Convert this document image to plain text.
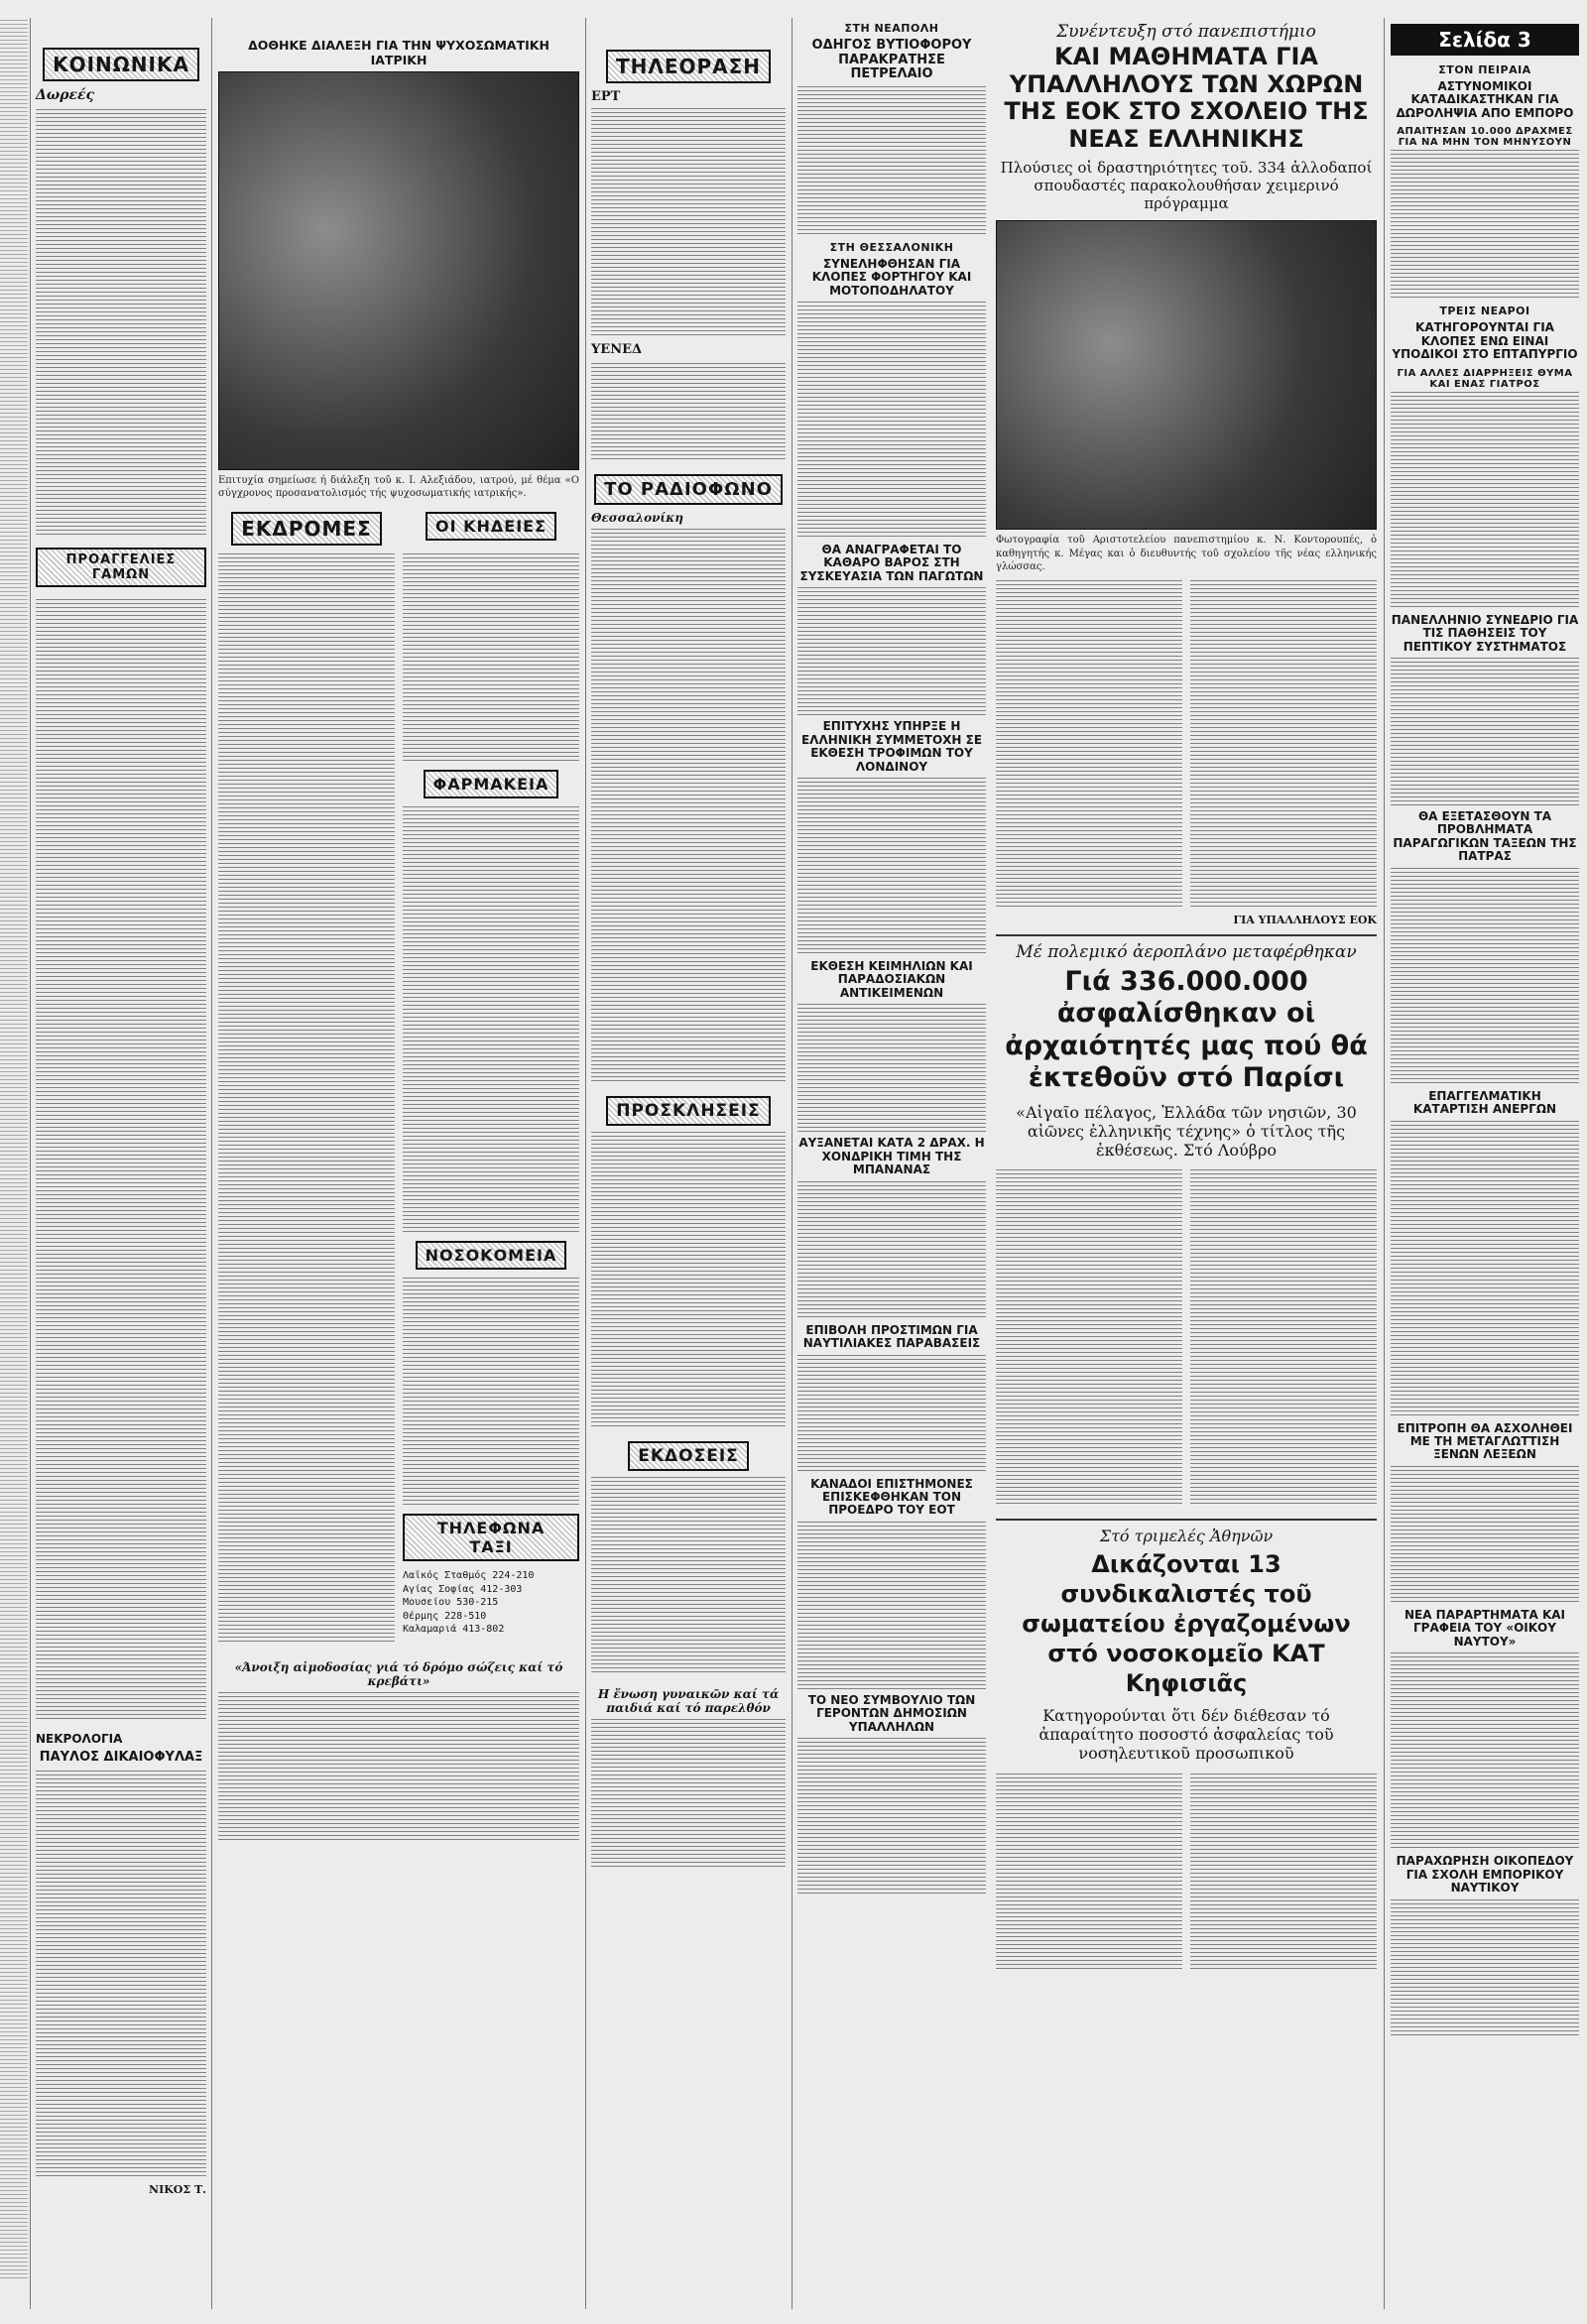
ΚΟΙΝΩΝΙΚΑ
Δωρεές
ΠΡΟΑΓΓΕΛΙΕΣ ΓΑΜΩΝ
ΝΕΚΡΟΛΟΓΙΑ
ΠΑΥΛΟΣ ΔΙΚΑΙΟΦΥΛΑΞ
ΝΙΚΟΣ Τ.
ΔΟΘΗΚΕ ΔΙΑΛΕΞΗ ΓΙΑ ΤΗΝ ΨΥΧΟΣΩΜΑΤΙΚΗ ΙΑΤΡΙΚΗ

Επιτυχία σημείωσε ή διάλεξη τοῦ κ. Ι. Αλεξιάδου, ιατρού, μέ θέμα «Ο σύγχρονος προσανατολισμός τής ψυχοσωματικής ιατρικής».

ΕΚΔΡΟΜΕΣ	ΟΙ ΚΗΔΕΙΕΣ
ΦΑΡΜΑΚΕΙΑ
ΝΟΣΟΚΟΜΕΙΑ
ΤΗΛΕΦΩΝΑ ΤΑΞΙ
Λαϊκός Σταθμός 224-210
Αγίας Σοφίας 412-303
Μουσείου 530-215
Θέρμης 228-510
Καλαμαριά 413-802
«Άνοιξη αἰμοδοσίας γιά τό δρόμο σώζεις καί τό κρεβάτι»
ΤΗΛΕΟΡΑΣΗ
ΕΡΤ
ΥΕΝΕΔ
ΤΟ ΡΑΔΙΟΦΩΝΟ
Θεσσαλονίκη
ΠΡΟΣΚΛΗΣΕΙΣ
ΕΚΔΟΣΕΙΣ
Η ἔνωση γυναικῶν καί τά παιδιά καί τό παρελθόν
ΣΤΗ ΝΕΑΠΟΛΗ
ΟΔΗΓΟΣ ΒΥΤΙΟΦΟΡΟΥ ΠΑΡΑΚΡΑΤΗΣΕ ΠΕΤΡΕΛΑΙΟ
ΣΤΗ ΘΕΣΣΑΛΟΝΙΚΗ
ΣΥΝΕΛΗΦΘΗΣΑΝ ΓΙΑ ΚΛΟΠΕΣ ΦΟΡΤΗΓΟΥ ΚΑΙ ΜΟΤΟΠΟΔΗΛΑΤΟΥ
ΘΑ ΑΝΑΓΡΑΦΕΤΑΙ ΤΟ ΚΑΘΑΡΟ ΒΑΡΟΣ ΣΤΗ ΣΥΣΚΕΥΑΣΙΑ ΤΩΝ ΠΑΓΩΤΩΝ
ΕΠΙΤΥΧΗΣ ΥΠΗΡΞΕ Η ΕΛΛΗΝΙΚΗ ΣΥΜΜΕΤΟΧΗ ΣΕ ΕΚΘΕΣΗ ΤΡΟΦΙΜΩΝ ΤΟΥ ΛΟΝΔΙΝΟΥ
ΕΚΘΕΣΗ ΚΕΙΜΗΛΙΩΝ ΚΑΙ ΠΑΡΑΔΟΣΙΑΚΩΝ ΑΝΤΙΚΕΙΜΕΝΩΝ
ΑΥΞΑΝΕΤΑΙ ΚΑΤΑ 2 ΔΡΑΧ. Η ΧΟΝΔΡΙΚΗ ΤΙΜΗ ΤΗΣ ΜΠΑΝΑΝΑΣ
ΕΠΙΒΟΛΗ ΠΡΟΣΤΙΜΩΝ ΓΙΑ ΝΑΥΤΙΛΙΑΚΕΣ ΠΑΡΑΒΑΣΕΙΣ
ΚΑΝΑΔΟΙ ΕΠΙΣΤΗΜΟΝΕΣ ΕΠΙΣΚΕΦΘΗΚΑΝ ΤΟΝ ΠΡΟΕΔΡΟ ΤΟΥ ΕΟΤ
ΤΟ ΝΕΟ ΣΥΜΒΟΥΛΙΟ ΤΩΝ ΓΕΡΟΝΤΩΝ ΔΗΜΟΣΙΩΝ ΥΠΑΛΛΗΛΩΝ
Συνέντευξη στό πανεπιστήμιο
ΚΑΙ ΜΑΘΗΜΑΤΑ ΓΙΑ ΥΠΑΛΛΗΛΟΥΣ ΤΩΝ ΧΩΡΩΝ ΤΗΣ ΕΟΚ ΣΤΟ ΣΧΟΛΕΙΟ ΤΗΣ ΝΕΑΣ ΕΛΛΗΝΙΚΗΣ
Πλούσιες οἱ δραστηριότητες τοῦ. 334 ἀλλοδαποί σπουδαστές παρακολουθήσαν χειμερινό πρόγραμμα

Φωτογραφία τοῦ Αριστοτελείου πανεπιστημίου κ. Ν. Κοντορουπές, ὁ καθηγητής κ. Μέγας και ὁ διευθυντής τοῦ σχολείου τῆς νέας ελληνικής γλώσσας.

ΓΙΑ ΥΠΑΛΛΗΛΟΥΣ ΕΟΚ
Μέ πολεμικό ἀεροπλάνο μεταφέρθηκαν
Γιά 336.000.000 ἀσφαλίσθηκαν οἱ ἀρχαιότητές μας πού θά ἐκτεθοῦν στό Παρίσι
«Αἰγαῖο πέλαγος, Ἑλλάδα τῶν νησιῶν, 30 αἰῶνες ἑλληνικῆς τέχνης» ὁ τίτλος τῆς ἐκθέσεως. Στό Λούβρο
Στό τριμελές Ἀθηνῶν
Δικάζονται 13 συνδικαλιστές τοῦ σωματείου ἐργαζομένων στό νοσοκομεῖο ΚΑΤ Κηφισιᾶς
Κατηγορούνται ὅτι δέν διέθεσαν τό ἀπαραίτητο ποσοστό ἀσφαλείας τοῦ νοσηλευτικοῦ προσωπικοῦ
Σελίδα 3
ΣΤΟΝ ΠΕΙΡΑΙΑ
ΑΣΤΥΝΟΜΙΚΟΙ ΚΑΤΑΔΙΚΑΣΤΗΚΑΝ ΓΙΑ ΔΩΡΟΛΗΨΙΑ ΑΠΟ ΕΜΠΟΡΟ
ΑΠΑΙΤΗΣΑΝ 10.000 ΔΡΑΧΜΕΣ ΓΙΑ ΝΑ ΜΗΝ ΤΟΝ ΜΗΝΥΣΟΥΝ
ΤΡΕΙΣ ΝΕΑΡΟΙ
ΚΑΤΗΓΟΡΟΥΝΤΑΙ ΓΙΑ ΚΛΟΠΕΣ ΕΝΩ ΕΙΝΑΙ ΥΠΟΔΙΚΟΙ ΣΤΟ ΕΠΤΑΠΥΡΓΙΟ
ΓΙΑ ΑΛΛΕΣ ΔΙΑΡΡΗΞΕΙΣ ΘΥΜΑ ΚΑΙ ΕΝΑΣ ΓΙΑΤΡΟΣ
ΠΑΝΕΛΛΗΝΙΟ ΣΥΝΕΔΡΙΟ ΓΙΑ ΤΙΣ ΠΑΘΗΣΕΙΣ ΤΟΥ ΠΕΠΤΙΚΟΥ ΣΥΣΤΗΜΑΤΟΣ
ΘΑ ΕΞΕΤΑΣΘΟΥΝ ΤΑ ΠΡΟΒΛΗΜΑΤΑ ΠΑΡΑΓΩΓΙΚΩΝ ΤΑΞΕΩΝ ΤΗΣ ΠΑΤΡΑΣ
ΕΠΑΓΓΕΛΜΑΤΙΚΗ ΚΑΤΑΡΤΙΣΗ ΑΝΕΡΓΩΝ
ΕΠΙΤΡΟΠΗ ΘΑ ΑΣΧΟΛΗΘΕΙ ΜΕ ΤΗ ΜΕΤΑΓΛΩΤΤΙΣΗ ΞΕΝΩΝ ΛΕΞΕΩΝ
ΝΕΑ ΠΑΡΑΡΤΗΜΑΤΑ ΚΑΙ ΓΡΑΦΕΙΑ ΤΟΥ «ΟΙΚΟΥ ΝΑΥΤΟΥ»
ΠΑΡΑΧΩΡΗΣΗ ΟΙΚΟΠΕΔΟΥ ΓΙΑ ΣΧΟΛΗ ΕΜΠΟΡΙΚΟΥ ΝΑΥΤΙΚΟΥ
